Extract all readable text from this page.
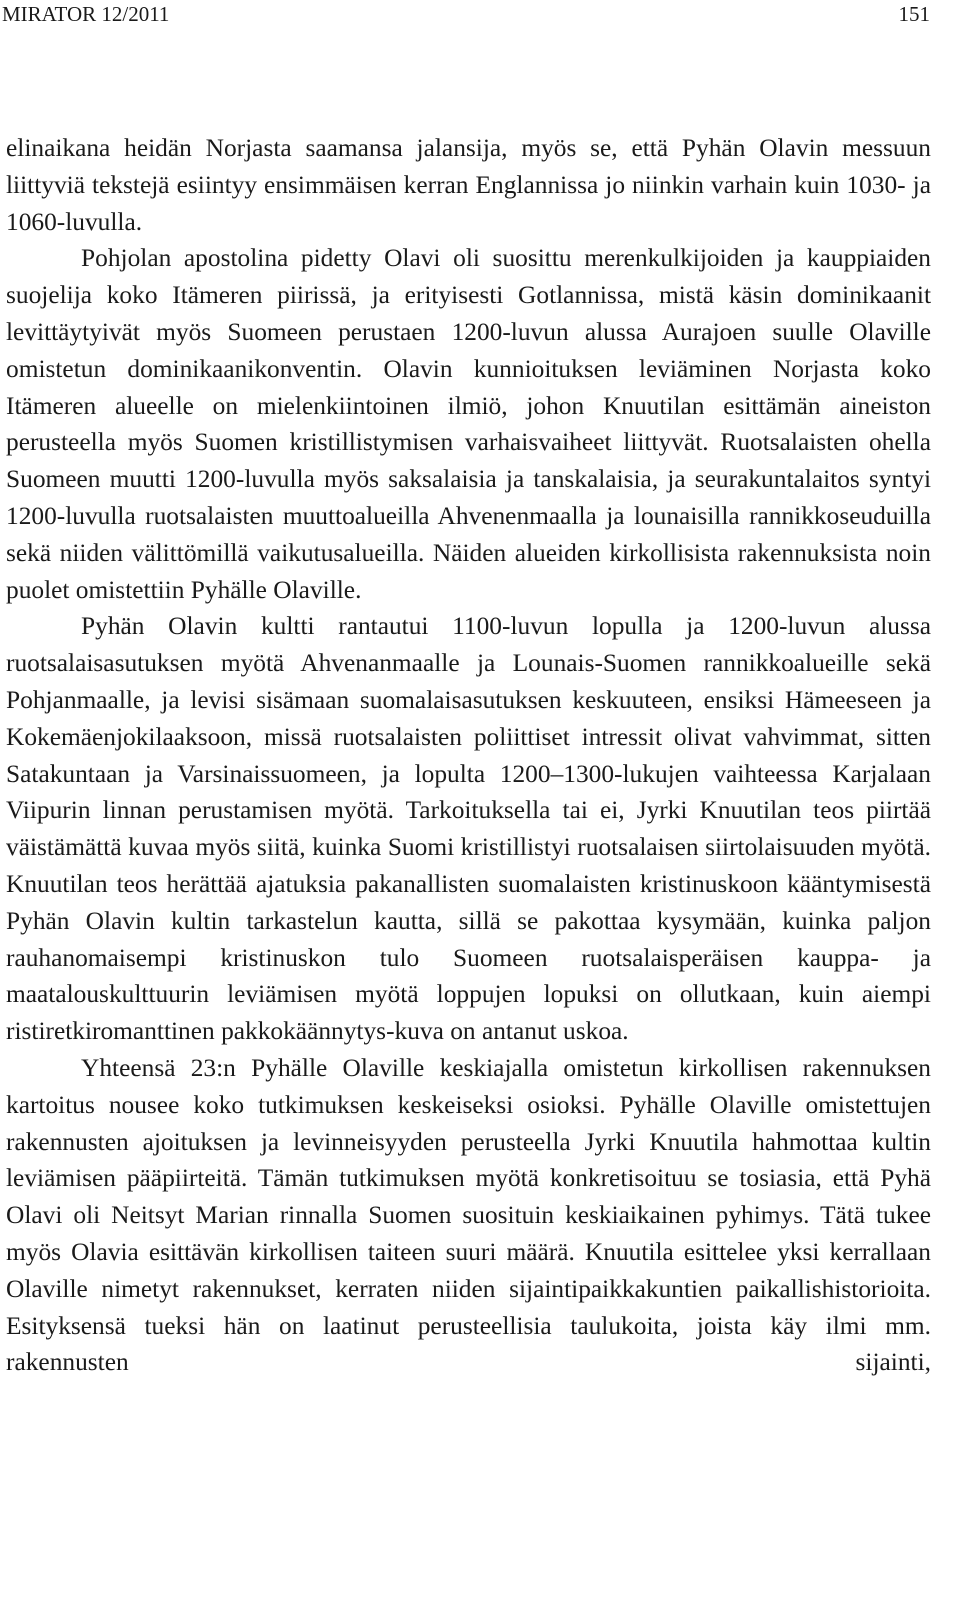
MIRATOR 12/2011	151

elinaikana heidän Norjasta saamansa jalansija, myös se, että Pyhän Olavin messuun liittyviä tekstejä esiintyy ensimmäisen kerran Englannissa jo niinkin varhain kuin 1030- ja 1060-luvulla.

Pohjolan apostolina pidetty Olavi oli suosittu merenkulkijoiden ja kauppiaiden suojelija koko Itämeren piirissä, ja erityisesti Gotlannissa, mistä käsin dominikaanit levittäytyivät myös Suomeen perustaen 1200-luvun alussa Aurajoen suulle Olaville omistetun dominikaanikonventin. Olavin kunnioituksen leviäminen Norjasta koko Itämeren alueelle on mielenkiintoinen ilmiö, johon Knuutilan esittämän aineiston perusteella myös Suomen kristillistymisen varhaisvaiheet liittyvät. Ruotsalaisten ohella Suomeen muutti 1200-luvulla myös saksalaisia ja tanskalaisia, ja seurakuntalaitos syntyi 1200-luvulla ruotsalaisten muuttoalueilla Ahvenenmaalla ja lounaisilla rannikkoseuduilla sekä niiden välittömillä vaikutusalueilla. Näiden alueiden kirkollisista rakennuksista noin puolet omistettiin Pyhälle Olaville.

Pyhän Olavin kultti rantautui 1100-luvun lopulla ja 1200-luvun alussa ruotsalaisasutuksen myötä Ahvenanmaalle ja Lounais-Suomen rannikkoalueille sekä Pohjanmaalle, ja levisi sisämaan suomalaisasutuksen keskuuteen, ensiksi Hämeeseen ja Kokemäenjokilaaksoon, missä ruotsalaisten poliittiset intressit olivat vahvimmat, sitten Satakuntaan ja Varsinaissuomeen, ja lopulta 1200–1300-lukujen vaihteessa Karjalaan Viipurin linnan perustamisen myötä. Tarkoituksella tai ei, Jyrki Knuutilan teos piirtää väistämättä kuvaa myös siitä, kuinka Suomi kristillistyi ruotsalaisen siirtolaisuuden myötä. Knuutilan teos herättää ajatuksia pakanallisten suomalaisten kristinuskoon kääntymisestä Pyhän Olavin kultin tarkastelun kautta, sillä se pakottaa kysymään, kuinka paljon rauhanomaisempi kristinuskon tulo Suomeen ruotsalaisperäisen kauppa- ja maatalouskulttuurin leviämisen myötä loppujen lopuksi on ollutkaan, kuin aiempi ristiretkiromanttinen pakkokäännytys-kuva on antanut uskoa.

Yhteensä 23:n Pyhälle Olaville keskiajalla omistetun kirkollisen rakennuksen kartoitus nousee koko tutkimuksen keskeiseksi osioksi. Pyhälle Olaville omistettujen rakennusten ajoituksen ja levinneisyyden perusteella Jyrki Knuutila hahmottaa kultin leviämisen pääpiirteitä. Tämän tutkimuksen myötä konkretisoituu se tosiasia, että Pyhä Olavi oli Neitsyt Marian rinnalla Suomen suosituin keskiaikainen pyhimys. Tätä tukee myös Olavia esittävän kirkollisen taiteen suuri määrä. Knuutila esittelee yksi kerrallaan Olaville nimetyt rakennukset, kerraten niiden sijaintipaikkakuntien paikallishistorioita. Esityksensä tueksi hän on laatinut perusteellisia taulukoita, joista käy ilmi mm. rakennusten sijainti,
